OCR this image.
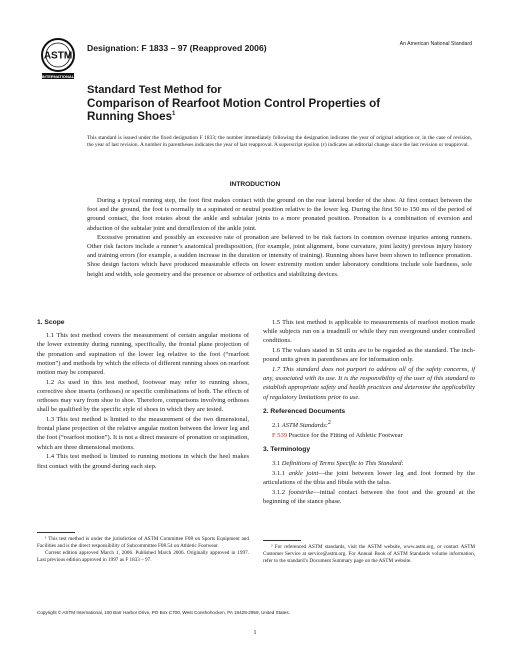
ASTM
INTERNATIONAL
Designation: F 1833 – 97 (Reapproved 2006)	An American National Standard
Standard Test Method for
Comparison of Rearfoot Motion Control Properties of
Running Shoes$^1$
This standard is issued under the fixed designation F 1833; the number immediately following the designation indicates the year of original adoption or, in the case of revision, the year of last revision. A number in parentheses indicates the year of last reapproval. A superscript epsilon (ε) indicates an editorial change since the last revision or reapproval.
INTRODUCTION

During a typical running step, the foot first makes contact with the ground on the rear lateral border of the shoe. At first contact between the foot and the ground, the foot is normally in a supinated or neutral position relative to the lower leg. During the first 50 to 150 ms of the period of ground contact, the foot rotates about the ankle and subtalar joints to a more pronated position. Pronation is a combination of eversion and abduction of the subtalar joint and dorsiflexion of the ankle joint.

Excessive pronation and possibly an excessive rate of pronation are believed to be risk factors in common overuse injuries among runners. Other risk factors include a runner’s anatomical predisposition, (for example, joint alignment, bone curvature, joint laxity) previous injury history and training errors (for example, a sudden increase in the duration or intensity of training). Running shoes have been shown to influence pronation. Shoe design factors which have produced measurable effects on lower extremity motion under laboratory conditions include sole hardness, sole height and width, sole geometry and the presence or absence of orthotics and stabilizing devices.

1. Scope

1.1 This test method covers the measurement of certain angular motions of the lower extremity during running, specifically, the frontal plane projection of the pronation and supination of the lower leg relative to the foot (“rearfoot motion”) and methods by which the effects of different running shoes on rearfoot motion may be compared.

1.2 As used in this test method, footwear may refer to running shoes, corrective shoe inserts (orthoses) or specific combinations of both. The effects of orthoses may vary from shoe to shoe. Therefore, comparisons involving orthoses shall be qualified by the specific style of shoes in which they are tested.

1.3 This test method is limited to the measurement of the two dimensional, frontal plane projection of the relative angular motion between the lower leg and the foot (“rearfoot motion”). It is not a direct measure of pronation or supination, which are three dimensional motions.

1.4 This test method is limited to running motions in which the heel makes first contact with the ground during each step.

1.5 This test method is applicable to measurements of rearfoot motion made while subjects run on a treadmill or while they run overground under controlled conditions.

1.6 The values stated in SI units are to be regarded as the standard. The inch-pound units given in parentheses are for information only.

1.7 This standard does not purport to address all of the safety concerns, if any, associated with its use. It is the responsibility of the user of this standard to establish appropriate safety and health practices and determine the applicability of regulatory limitations prior to use.

2. Referenced Documents

2.1 ASTM Standards:$^2$

F 539 Practice for the Fitting of Athletic Footwear

3. Terminology

3.1 Definitions of Terms Specific to This Standard:

3.1.1 ankle joint—the joint between lower leg and foot formed by the articulations of the tibia and fibula with the talus.

3.1.2 footstrike—initial contact between the foot and the ground at the beginning of the stance phase.

¹ This test method is under the jurisdiction of ASTM Committee F08 on Sports Equipment and Facilities and is the direct responsibility of Subcommittee F08.54 on Athletic Footwear.

Current edition approved March 1, 2006. Published March 2006. Originally approved in 1997. Last previous edition approved in 1997 as F 1833 – 97.

² For referenced ASTM standards, visit the ASTM website, www.astm.org, or contact ASTM Customer Service at service@astm.org. For Annual Book of ASTM Standards volume information, refer to the standard’s Document Summary page on the ASTM website.

Copyright © ASTM International, 100 Barr Harbor Drive, PO Box C700, West Conshohocken, PA 19428-2959, United States.
1
